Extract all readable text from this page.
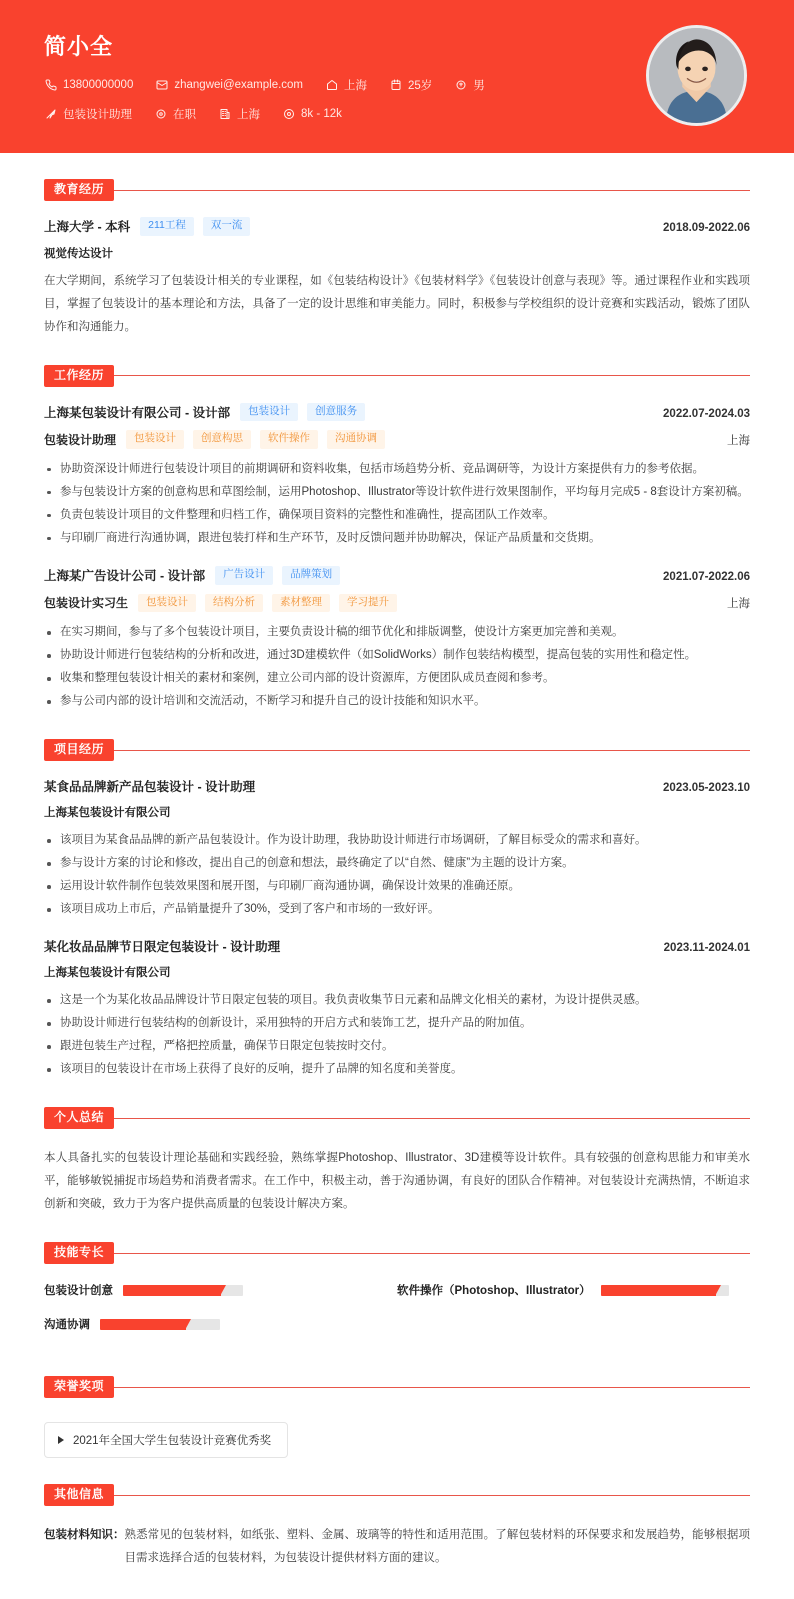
简小全
13800000000	zhangwei@example.com	上海	25岁	男
包装设计助理	在职	上海	8k - 12k
教育经历
上海大学 - 本科	211工程	双一流	2018.09-2022.06
视觉传达设计

在大学期间，系统学习了包装设计相关的专业课程，如《包装结构设计》《包装材料学》《包装设计创意与表现》等。通过课程作业和实践项目，掌握了包装设计的基本理论和方法，具备了一定的设计思维和审美能力。同时，积极参与学校组织的设计竞赛和实践活动，锻炼了团队协作和沟通能力。

工作经历
上海某包装设计有限公司 - 设计部	包装设计	创意服务	2022.07-2024.03
包装设计助理	包装设计	创意构思	软件操作	沟通协调	上海
协助资深设计师进行包装设计项目的前期调研和资料收集，包括市场趋势分析、竞品调研等，为设计方案提供有力的参考依据。
参与包装设计方案的创意构思和草图绘制，运用Photoshop、Illustrator等设计软件进行效果图制作，平均每月完成5 - 8套设计方案初稿。
负责包装设计项目的文件整理和归档工作，确保项目资料的完整性和准确性，提高团队工作效率。
与印刷厂商进行沟通协调，跟进包装打样和生产环节，及时反馈问题并协助解决，保证产品质量和交货期。
上海某广告设计公司 - 设计部	广告设计	品牌策划	2021.07-2022.06
包装设计实习生	包装设计	结构分析	素材整理	学习提升	上海
在实习期间，参与了多个包装设计项目，主要负责设计稿的细节优化和排版调整，使设计方案更加完善和美观。
协助设计师进行包装结构的分析和改进，通过3D建模软件（如SolidWorks）制作包装结构模型，提高包装的实用性和稳定性。
收集和整理包装设计相关的素材和案例，建立公司内部的设计资源库，方便团队成员查阅和参考。
参与公司内部的设计培训和交流活动，不断学习和提升自己的设计技能和知识水平。
项目经历
某食品品牌新产品包装设计 - 设计助理	2023.05-2023.10
上海某包装设计有限公司
该项目为某食品品牌的新产品包装设计。作为设计助理，我协助设计师进行市场调研，了解目标受众的需求和喜好。
参与设计方案的讨论和修改，提出自己的创意和想法，最终确定了以“自然、健康”为主题的设计方案。
运用设计软件制作包装效果图和展开图，与印刷厂商沟通协调，确保设计效果的准确还原。
该项目成功上市后，产品销量提升了30%，受到了客户和市场的一致好评。
某化妆品品牌节日限定包装设计 - 设计助理	2023.11-2024.01
上海某包装设计有限公司
这是一个为某化妆品品牌设计节日限定包装的项目。我负责收集节日元素和品牌文化相关的素材，为设计提供灵感。
协助设计师进行包装结构的创新设计，采用独特的开启方式和装饰工艺，提升产品的附加值。
跟进包装生产过程，严格把控质量，确保节日限定包装按时交付。
该项目的包装设计在市场上获得了良好的反响，提升了品牌的知名度和美誉度。
个人总结

本人具备扎实的包装设计理论基础和实践经验，熟练掌握Photoshop、Illustrator、3D建模等设计软件。具有较强的创意构思能力和审美水平，能够敏锐捕捉市场趋势和消费者需求。在工作中，积极主动，善于沟通协调，有良好的团队合作精神。对包装设计充满热情，不断追求创新和突破，致力于为客户提供高质量的包装设计解决方案。

技能专长
包装设计创意	软件操作（Photoshop、Illustrator）
沟通协调
荣誉奖项
2021年全国大学生包装设计竞赛优秀奖
其他信息
包装材料知识： 熟悉常见的包装材料，如纸张、塑料、金属、玻璃等的特性和适用范围。了解包装材料的环保要求和发展趋势，能够根据项目需求选择合适的包装材料，为包装设计提供材料方面的建议。
